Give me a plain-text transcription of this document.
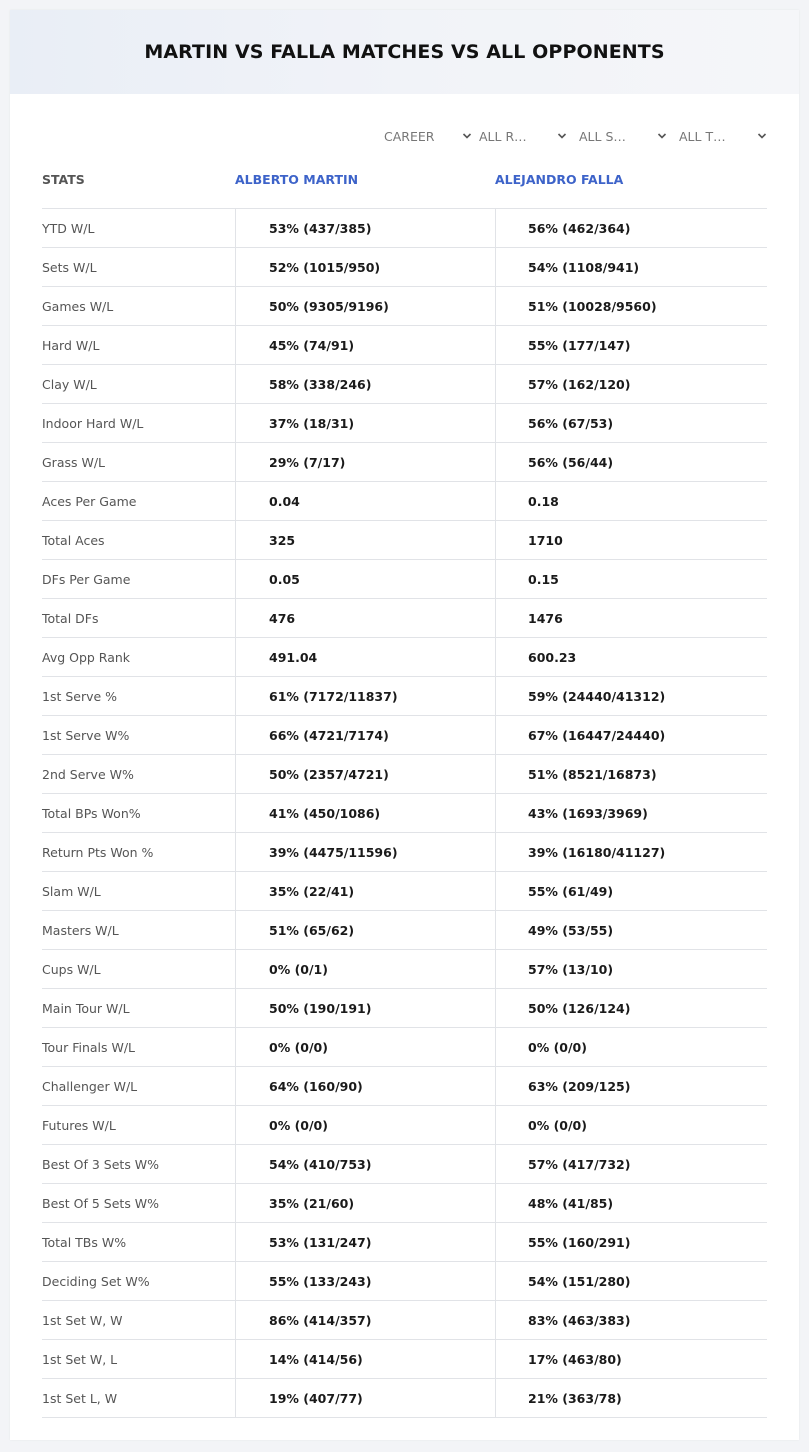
MARTIN VS FALLA MATCHES VS ALL OPPONENTS
CAREER	ALL R…	ALL S…	ALL T…
STATS	ALBERTO MARTIN	ALEJANDRO FALLA
YTD W/L	53% (437/385)	56% (462/364)
Sets W/L	52% (1015/950)	54% (1108/941)
Games W/L	50% (9305/9196)	51% (10028/9560)
Hard W/L	45% (74/91)	55% (177/147)
Clay W/L	58% (338/246)	57% (162/120)
Indoor Hard W/L	37% (18/31)	56% (67/53)
Grass W/L	29% (7/17)	56% (56/44)
Aces Per Game	0.04	0.18
Total Aces	325	1710
DFs Per Game	0.05	0.15
Total DFs	476	1476
Avg Opp Rank	491.04	600.23
1st Serve %	61% (7172/11837)	59% (24440/41312)
1st Serve W%	66% (4721/7174)	67% (16447/24440)
2nd Serve W%	50% (2357/4721)	51% (8521/16873)
Total BPs Won%	41% (450/1086)	43% (1693/3969)
Return Pts Won %	39% (4475/11596)	39% (16180/41127)
Slam W/L	35% (22/41)	55% (61/49)
Masters W/L	51% (65/62)	49% (53/55)
Cups W/L	0% (0/1)	57% (13/10)
Main Tour W/L	50% (190/191)	50% (126/124)
Tour Finals W/L	0% (0/0)	0% (0/0)
Challenger W/L	64% (160/90)	63% (209/125)
Futures W/L	0% (0/0)	0% (0/0)
Best Of 3 Sets W%	54% (410/753)	57% (417/732)
Best Of 5 Sets W%	35% (21/60)	48% (41/85)
Total TBs W%	53% (131/247)	55% (160/291)
Deciding Set W%	55% (133/243)	54% (151/280)
1st Set W, W	86% (414/357)	83% (463/383)
1st Set W, L	14% (414/56)	17% (463/80)
1st Set L, W	19% (407/77)	21% (363/78)
